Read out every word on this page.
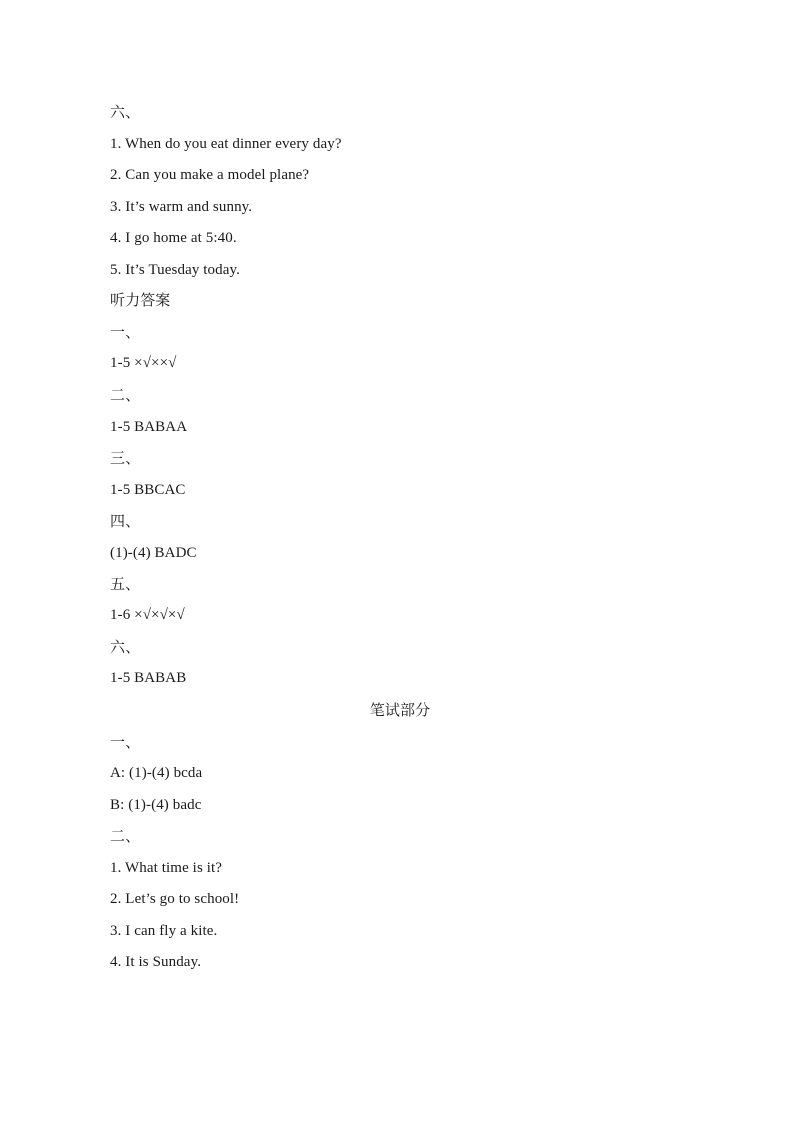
六、
1. When do you eat dinner every day?
2. Can you make a model plane?
3. It’s warm and sunny.
4. I go home at 5:40.
5. It’s Tuesday today.
听力答案
一、
1-5 ×√××√
二、
1-5 BABAA
三、
1-5 BBCAC
四、
(1)-(4) BADC
五、
1-6 ×√×√×√
六、
1-5 BABAB
笔试部分
一、
A: (1)-(4) bcda
B: (1)-(4) badc
二、
1. What time is it?
2. Let’s go to school!
3. I can fly a kite.
4. It is Sunday.
